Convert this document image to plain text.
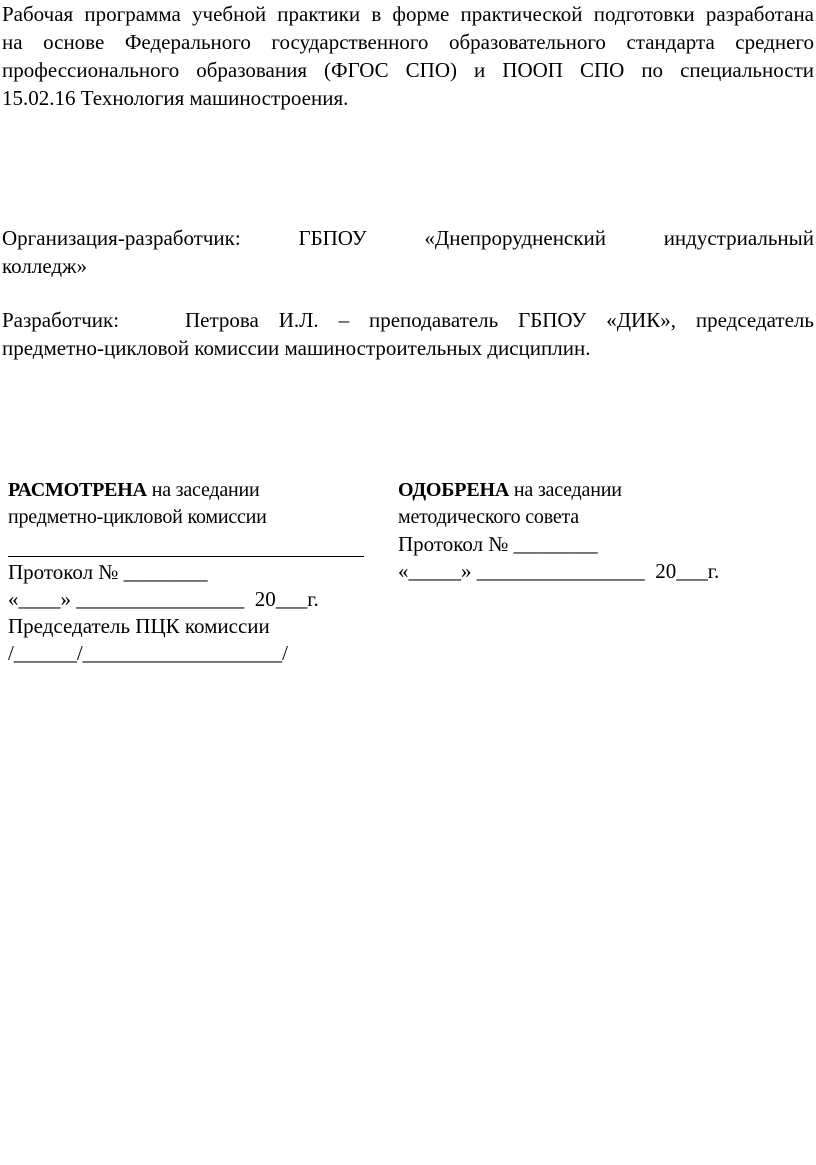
Рабочая программа учебной практики в форме практической подготовки разработана
на основе Федерального государственного образовательного стандарта среднего
профессионального образования (ФГОС СПО) и ПООП СПО по специальности
15.02.16 Технология машиностроения.
Организация-разработчик:	ГБПОУ	«Днепрорудненский	индустриальный
колледж»
Разработчик:	Петрова И.Л. – преподаватель ГБПОУ «ДИК», председатель
предметно-цикловой комиссии машиностроительных дисциплин.
РАСМОТРЕНА на заседании
предметно-цикловой комиссии
Протокол № ________
«____» ________________  20___г.
Председатель ПЦК комиссии
/______/___________________/
ОДОБРЕНА на заседании
методического совета
Протокол № ________
«_____» ________________  20___г.
